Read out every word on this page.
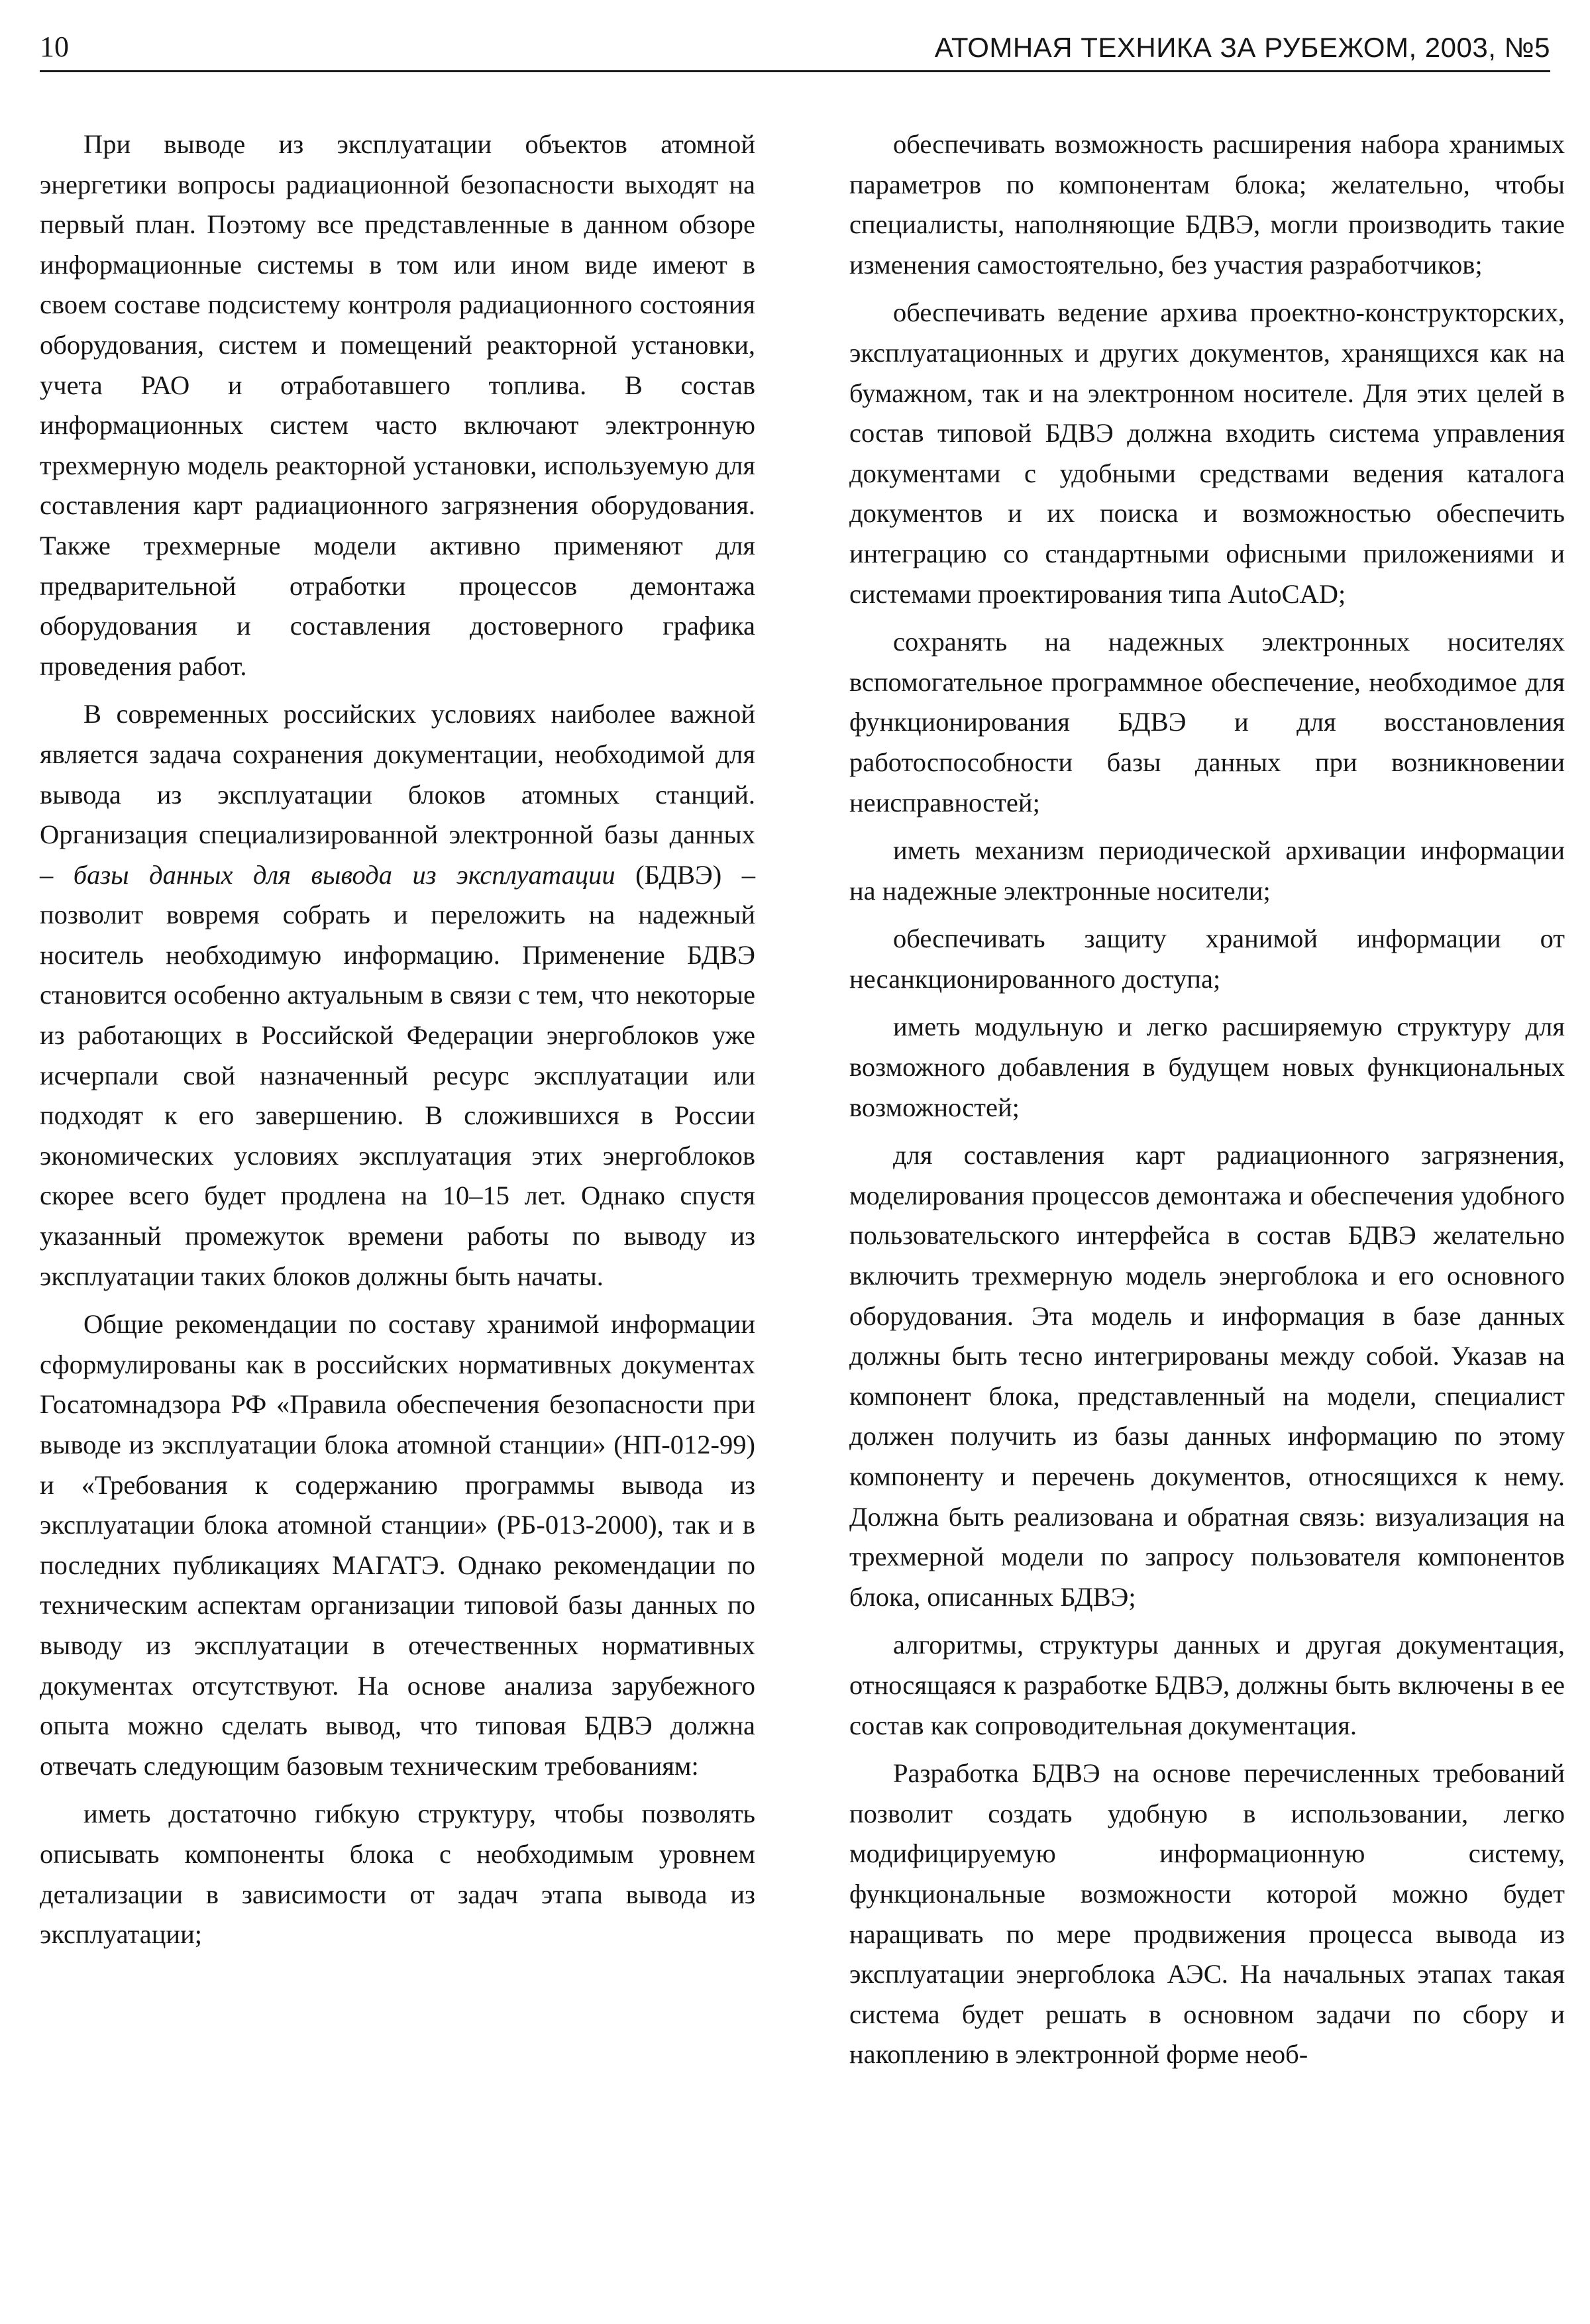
10	АТОМНАЯ ТЕХНИКА ЗА РУБЕЖОМ, 2003, №5

При выводе из эксплуатации объектов атомной энергетики вопросы радиационной безопасности выходят на первый план. Поэтому все представленные в данном обзоре информационные системы в том или ином виде имеют в своем составе подсистему контроля радиационного состояния оборудования, систем и помещений реакторной установки, учета РАО и отработавшего топлива. В состав информационных систем часто включают электронную трехмерную модель реакторной установки, используемую для составления карт радиационного загрязнения оборудования. Также трехмерные модели активно применяют для предварительной отработки процессов демонтажа оборудования и составления достоверного графика проведения работ.

В современных российских условиях наиболее важной является задача сохранения документации, необходимой для вывода из эксплуатации блоков атомных станций. Организация специализированной электронной базы данных – базы данных для вывода из эксплуатации (БДВЭ) – позволит вовремя собрать и переложить на надежный носитель необходимую информацию. Применение БДВЭ становится особенно актуальным в связи с тем, что некоторые из работающих в Российской Федерации энергоблоков уже исчерпали свой назначенный ресурс эксплуатации или подходят к его завершению. В сложившихся в России экономических условиях эксплуатация этих энергоблоков скорее всего будет продлена на 10–15 лет. Однако спустя указанный промежуток времени работы по выводу из эксплуатации таких блоков должны быть начаты.

Общие рекомендации по составу хранимой информации сформулированы как в российских нормативных документах Госатомнадзора РФ «Правила обеспечения безопасности при выводе из эксплуатации блока атомной станции» (НП-012-99) и «Требования к содержанию программы вывода из эксплуатации блока атомной станции» (РБ-013-2000), так и в последних публикациях МАГАТЭ. Однако рекомендации по техническим аспектам организации типовой базы данных по выводу из эксплуатации в отечественных нормативных документах отсутствуют. На основе анализа зарубежного опыта можно сделать вывод, что типовая БДВЭ должна отвечать следующим базовым техническим требованиям:

иметь достаточно гибкую структуру, чтобы позволять описывать компоненты блока с необходимым уровнем детализации в зависимости от задач этапа вывода из эксплуатации;

обеспечивать возможность расширения набора хранимых параметров по компонентам блока; желательно, чтобы специалисты, наполняющие БДВЭ, могли производить такие изменения самостоятельно, без участия разработчиков;

обеспечивать ведение архива проектно-конструкторских, эксплуатационных и других документов, хранящихся как на бумажном, так и на электронном носителе. Для этих целей в состав типовой БДВЭ должна входить система управления документами с удобными средствами ведения каталога документов и их поиска и возможностью обеспечить интеграцию со стандартными офисными приложениями и системами проектирования типа AutoCAD;

сохранять на надежных электронных носителях вспомогательное программное обеспечение, необходимое для функционирования БДВЭ и для восстановления работоспособности базы данных при возникновении неисправностей;

иметь механизм периодической архивации информации на надежные электронные носители;

обеспечивать защиту хранимой информации от несанкционированного доступа;

иметь модульную и легко расширяемую структуру для возможного добавления в будущем новых функциональных возможностей;

для составления карт радиационного загрязнения, моделирования процессов демонтажа и обеспечения удобного пользовательского интерфейса в состав БДВЭ желательно включить трехмерную модель энергоблока и его основного оборудования. Эта модель и информация в базе данных должны быть тесно интегрированы между собой. Указав на компонент блока, представленный на модели, специалист должен получить из базы данных информацию по этому компоненту и перечень документов, относящихся к нему. Должна быть реализована и обратная связь: визуализация на трехмерной модели по запросу пользователя компонентов блока, описанных БДВЭ;

алгоритмы, структуры данных и другая документация, относящаяся к разработке БДВЭ, должны быть включены в ее состав как сопроводительная документация.

Разработка БДВЭ на основе перечисленных требований позволит создать удобную в использовании, легко модифицируемую информационную систему, функциональные возможности которой можно будет наращивать по мере продвижения процесса вывода из эксплуатации энергоблока АЭС. На начальных этапах такая система будет решать в основном задачи по сбору и накоплению в электронной форме необ-
